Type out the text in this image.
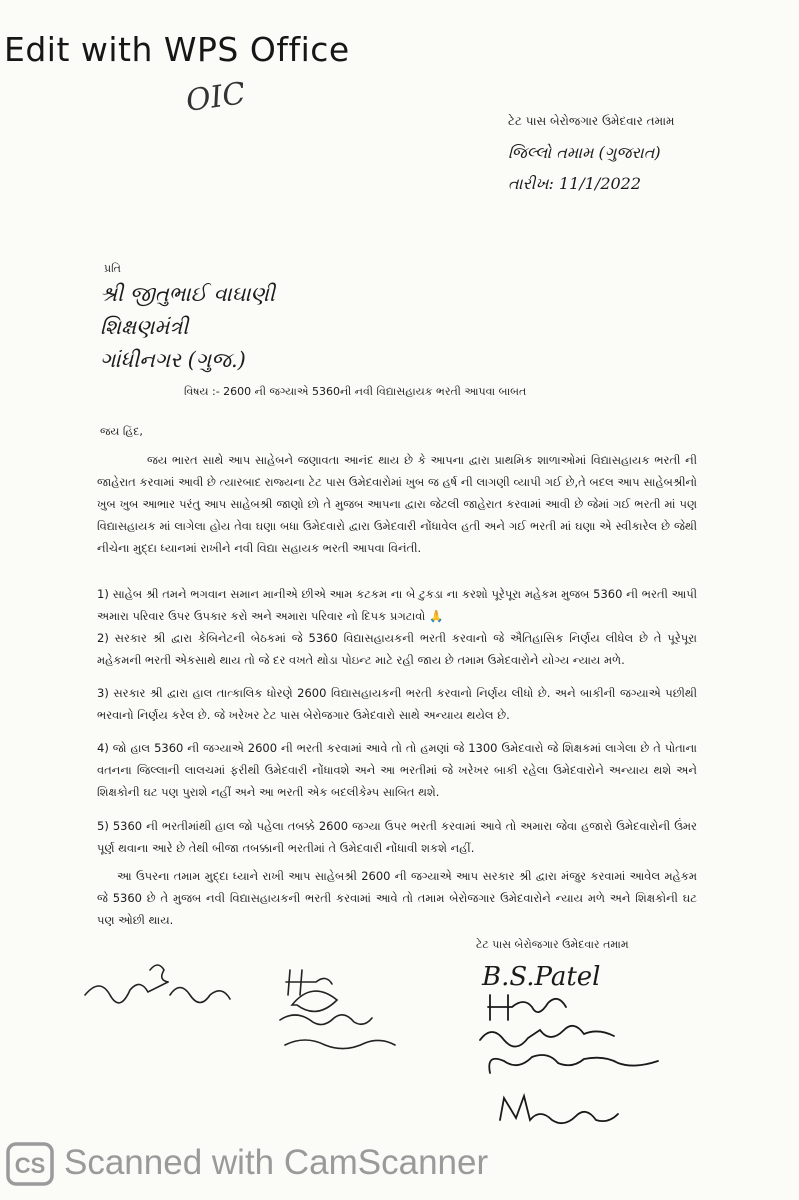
Edit with WPS Office
OIC
ટેટ પાસ બેરોજગાર ઉમેદવાર તમામ
જિલ્લો તમામ (ગુજરાત)
તારીખ: 11/1/2022
પ્રતિ
શ્રી જીતુભાઈ વાઘાણી
શિક્ષણમંત્રી
ગાંધીનગર (ગુજ.)
વિષય :- 2600 ની જગ્યાએ 5360ની નવી વિદ્યાસહાયક ભરતી આપવા બાબત
જય હિંદ,
જય ભારત સાથે આપ સાહેબને જણાવતા આનંદ થાય છે કે આપના દ્વારા પ્રાથમિક શાળાઓમાં વિદ્યાસહાયક ભરતી ની જાહેરાત કરવામાં આવી છે ત્યારબાદ રાજ્યના ટેટ પાસ ઉમેદવારોમાં ખુબ જ હર્ષ ની લાગણી વ્યાપી ગઈ છે,તે બદલ આપ સાહેબશ્રીનો ખુબ ખુબ આભાર પરંતુ આપ સાહેબશ્રી જાણો છો તે મુજબ આપના દ્વારા જેટલી જાહેરાત કરવામાં આવી છે જેમાં ગઈ ભરતી માં પણ વિદ્યાસહાયક માં લાગેલા હોય તેવા ઘણા બધા ઉમેદવારો દ્વારા ઉમેદવારી નોંધાવેલ હતી અને ગઈ ભરતી માં ઘણા એ સ્વીકારેલ છે જેથી નીચેના મુદ્દા ધ્યાનમાં રાખીને નવી વિદ્યા સહાયક ભરતી આપવા વિનંતી.
1) સાહેબ શ્રી તમને ભગવાન સમાન માનીએ છીએ આમ કટકમ ના બે ટુકડા ના કરશો પૂરેપૂરા મહેકમ મુજબ 5360 ની ભરતી આપી અમારા પરિવાર ઉપર ઉપકાર કરો અને અમારા પરિવાર નો દિપક પ્રગટાવો 🙏
2) સરકાર શ્રી દ્વારા કેબિનેટની બેઠકમાં જે 5360 વિદ્યાસહાયકની ભરતી કરવાનો જે ઐતિહાસિક નિર્ણય લીધેલ છે તે પૂરેપૂરા મહેકમની ભરતી એકસાથે થાય તો જે દર વખતે થોડા પોઇન્ટ માટે રહી જાય છે તમામ ઉમેદવારોને યોગ્ય ન્યાય મળે.
3) સરકાર શ્રી દ્વારા હાલ તાત્કાલિક ધોરણે 2600 વિદ્યાસહાયકની ભરતી કરવાનો નિર્ણય લીધો છે. અને બાકીની જગ્યાએ પછીથી ભરવાનો નિર્ણય કરેલ છે. જે ખરેખર ટેટ પાસ બેરોજગાર ઉમેદવારો સાથે અન્યાય થયેલ છે.
4) જો હાલ 5360 ની જગ્યાએ 2600 ની ભરતી કરવામાં આવે તો તો હમણાં જે 1300 ઉમેદવારો જે શિક્ષકમાં લાગેલા છે તે પોતાના વતનના જિલ્લાની લાલચમાં ફરીથી ઉમેદવારી નોંધાવશે અને આ ભરતીમાં જે ખરેખર બાકી રહેલા ઉમેદવારોને અન્યાય થશે અને શિક્ષકોની ઘટ પણ પુરાશે નહીં અને આ ભરતી એક બદલીકેમ્પ સાબિત થશે.
5) 5360 ની ભરતીમાંથી હાલ જો પહેલા તબક્કે 2600 જગ્યા ઉપર ભરતી કરવામાં આવે તો અમારા જેવા હજારો ઉમેદવારોની ઉંમર પૂર્ણ થવાના આરે છે તેથી બીજા તબક્કાની ભરતીમાં તે ઉમેદવારી નોંધાવી શકશે નહીં.
આ ઉપરના તમામ મુદ્દા ધ્યાને રાખી આપ સાહેબશ્રી 2600 ની જગ્યાએ આપ સરકાર શ્રી દ્વારા મંજુર કરવામાં આવેલ મહેકમ જે 5360 છે તે મુજબ નવી વિદ્યાસહાયકની ભરતી કરવામાં આવે તો તમામ બેરોજગાર ઉમેદવારોને ન્યાય મળે અને શિક્ષકોની ઘટ પણ ઓછી થાય.
ટેટ પાસ બેરોજગાર ઉમેદવાર તમામ
B.S.Patel
CS Scanned with CamScanner
